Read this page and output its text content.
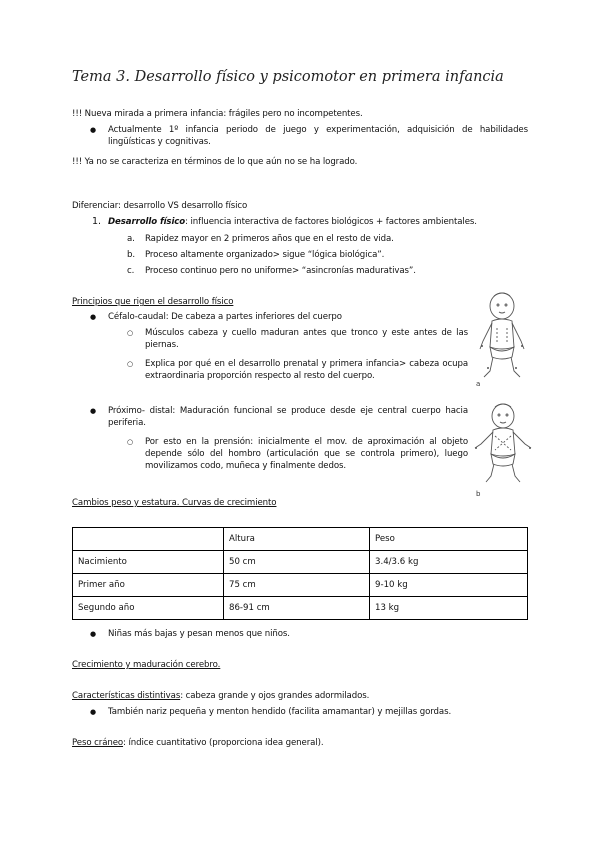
Tema 3. Desarrollo físico y psicomotor en primera infancia
!!! Nueva mirada a primera infancia: frágiles pero no incompetentes.
● Actualmente 1º infancia periodo de juego y experimentación, adquisición de habilidades lingüísticas y cognitivas.
!!! Ya no se caracteriza en términos de lo que aún no se ha logrado.
Diferenciar: desarrollo VS desarrollo físico
1. Desarrollo físico: influencia interactiva de factores biológicos + factores ambientales.
a. Rapidez mayor en 2 primeros años que en el resto de vida.
b. Proceso altamente organizado> sigue “lógica biológica”.
c. Proceso continuo pero no uniforme> “asincronías madurativas”.
Principios que rigen el desarrollo físico
● Céfalo-caudal: De cabeza a partes inferiores del cuerpo
○ Músculos cabeza y cuello maduran antes que tronco y este antes de las piernas.
○ Explica por qué en el desarrollo prenatal y primera infancia> cabeza ocupa extraordinaria proporción respecto al resto del cuerpo.
● Próximo- distal: Maduración funcional se produce desde eje central cuerpo hacia periferia.
○ Por esto en la prensión: inicialmente el mov. de aproximación al objeto depende sólo del hombro (articulación que se controla primero), luego movilizamos codo, muñeca y finalmente dedos.
a
b
Cambios peso y estatura. Curvas de crecimiento
	Altura	Peso
Nacimiento	50 cm	3.4/3.6 kg
Primer año	75 cm	9-10 kg
Segundo año	86-91 cm	13 kg
● Niñas más bajas y pesan menos que niños.
Crecimiento y maduración cerebro.
Características distintivas: cabeza grande y ojos grandes adormilados.
● También nariz pequeña y menton hendido (facilita amamantar) y mejillas gordas.
Peso cráneo: índice cuantitativo (proporciona idea general).
